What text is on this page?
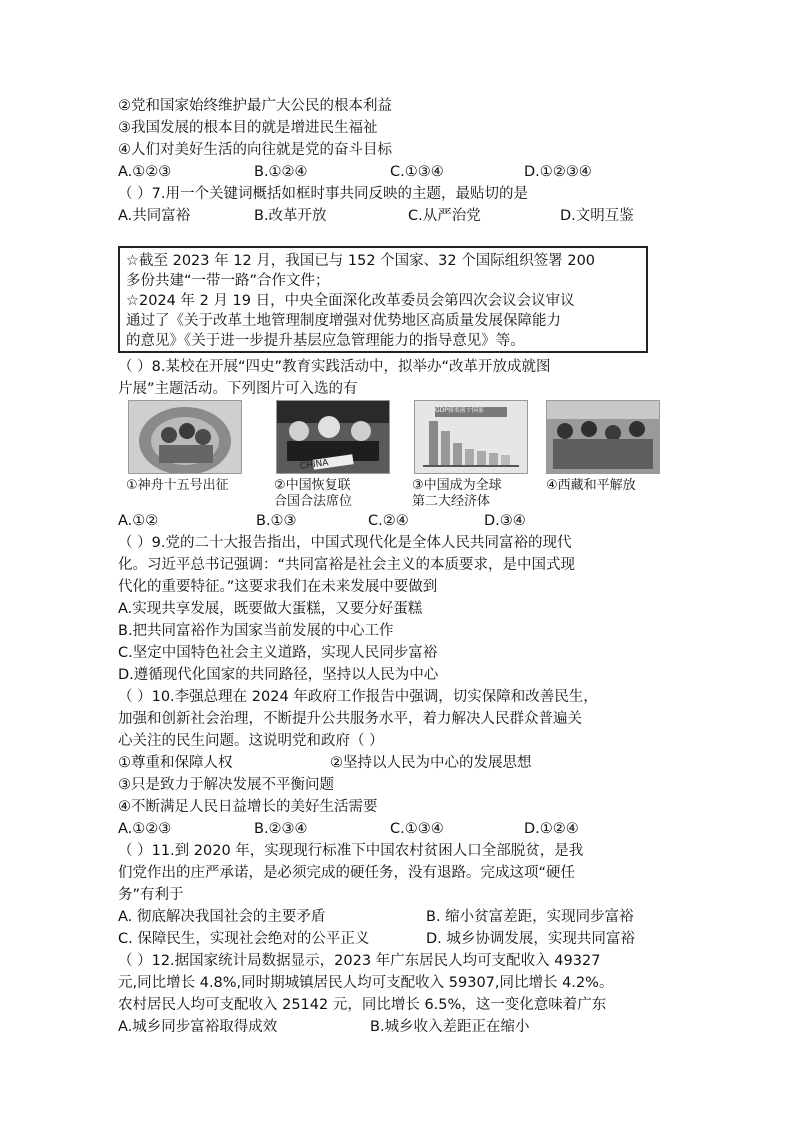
②党和国家始终维护最广大公民的根本利益
③我国发展的根本目的就是增进民生福祉
④人们对美好生活的向往就是党的奋斗目标
A.①②③	B.①②④	C.①③④	D.①②③④
（ ）7.用一个关键词概括如框时事共同反映的主题，最贴切的是
A.共同富裕	B.改革开放	C.从严治党	D.文明互鉴
☆截至 2023 年 12 月，我国已与 152 个国家、32 个国际组织签署 200
多份共建“一带一路”合作文件；
☆2024 年 2 月 19 日，中央全面深化改革委员会第四次会议会议审议
通过了《关于改革土地管理制度增强对优势地区高质量发展保障能力
的意见》《关于进一步提升基层应急管理能力的指导意见》等。
（ ）8.某校在开展“四史”教育实践活动中，拟举办“改革开放成就图
片展”主题活动。下列图片可入选的有
①神舟十五号出征	②中国恢复联
合国合法席位
GDP排名前十国家
③中国成为全球
第二大经济体
④西藏和平解放
CHINA
A.①②	B.①③	C.②④	D.③④
（ ）9.党的二十大报告指出，中国式现代化是全体人民共同富裕的现代
化。习近平总书记强调：“共同富裕是社会主义的本质要求，是中国式现
代化的重要特征。”这要求我们在未来发展中要做到
A.实现共享发展，既要做大蛋糕，又要分好蛋糕
B.把共同富裕作为国家当前发展的中心工作
C.坚定中国特色社会主义道路，实现人民同步富裕
D.遵循现代化国家的共同路径，坚持以人民为中心
（ ）10.李强总理在 2024 年政府工作报告中强调，切实保障和改善民生，
加强和创新社会治理，不断提升公共服务水平，着力解决人民群众普遍关
心关注的民生问题。这说明党和政府（ ）
①尊重和保障人权	②坚持以人民为中心的发展思想
③只是致力于解决发展不平衡问题
④不断满足人民日益增长的美好生活需要
A.①②③	B.②③④	C.①③④	D.①②④
（ ）11.到 2020 年，实现现行标准下中国农村贫困人口全部脱贫，是我
们党作出的庄严承诺，是必须完成的硬任务，没有退路。完成这项“硬任
务”有利于
A. 彻底解决我国社会的主要矛盾	B. 缩小贫富差距，实现同步富裕
C. 保障民生，实现社会绝对的公平正义	D. 城乡协调发展，实现共同富裕
（ ）12.据国家统计局数据显示，2023 年广东居民人均可支配收入 49327
元,同比增长 4.8%,同时期城镇居民人均可支配收入 59307,同比增长 4.2%。
农村居民人均可支配收入 25142 元，同比增长 6.5%，这一变化意味着广东
A.城乡同步富裕取得成效	B.城乡收入差距正在缩小
